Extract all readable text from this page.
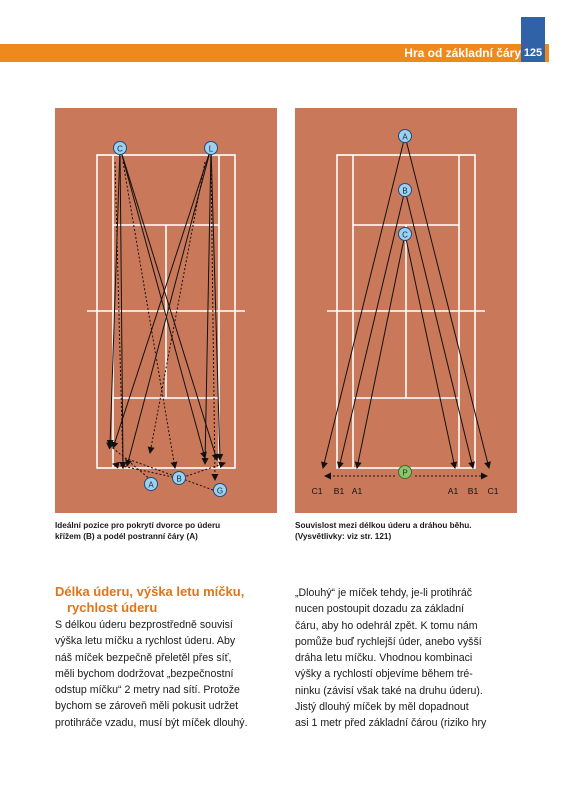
Hra od základní čáry 125
C	L
A
B
G
A
B
C
P
C1 B1 A1	A1 B1 C1
Ideální pozice pro pokrytí dvorce po úderu
křížem (B) a podél postranní čáry (A)
Souvislost mezi délkou úderu a dráhou běhu.
(Vysvětlivky: viz str. 121)
Délka úderu, výška letu míčku,
rychlost úderu
S délkou úderu bezprostředně souvisí
výška letu míčku a rychlost úderu. Aby
náš míček bezpečně přeletěl přes síť,
měli bychom dodržovat „bezpečnostní
odstup míčku“ 2 metry nad sítí. Protože
bychom se zároveň měli pokusit udržet
protihráče vzadu, musí být míček dlouhý.
„Dlouhý“ je míček tehdy, je-li protihráč
nucen postoupit dozadu za základní
čáru, aby ho odehrál zpět. K tomu nám
pomůže buď rychlejší úder, anebo vyšší
dráha letu míčku. Vhodnou kombinaci
výšky a rychlostí objevíme během tré-
ninku (závisí však také na druhu úderu).
Jistý dlouhý míček by měl dopadnout
asi 1 metr před základní čárou (riziko hry
